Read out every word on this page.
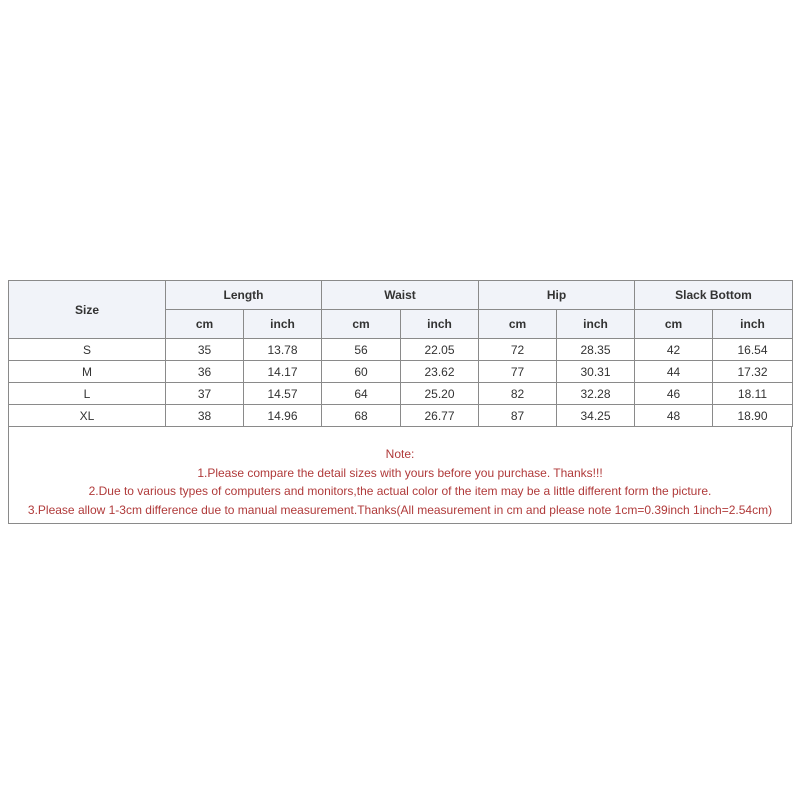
Size	Length		Waist		Hip		Slack Bottom	
	cm	inch	cm	inch	cm	inch	cm	inch
S	35	13.78	56	22.05	72	28.35	42	16.54
M	36	14.17	60	23.62	77	30.31	44	17.32
L	37	14.57	64	25.20	82	32.28	46	18.11
XL	38	14.96	68	26.77	87	34.25	48	18.90
Note:
1.Please compare the detail sizes with yours before you purchase. Thanks!!!
2.Due to various types of computers and monitors,the actual color of the item may be a little different form the picture.
3.Please allow 1-3cm difference due to manual measurement.Thanks(All measurement in cm and please note 1cm=0.39inch 1inch=2.54cm)
